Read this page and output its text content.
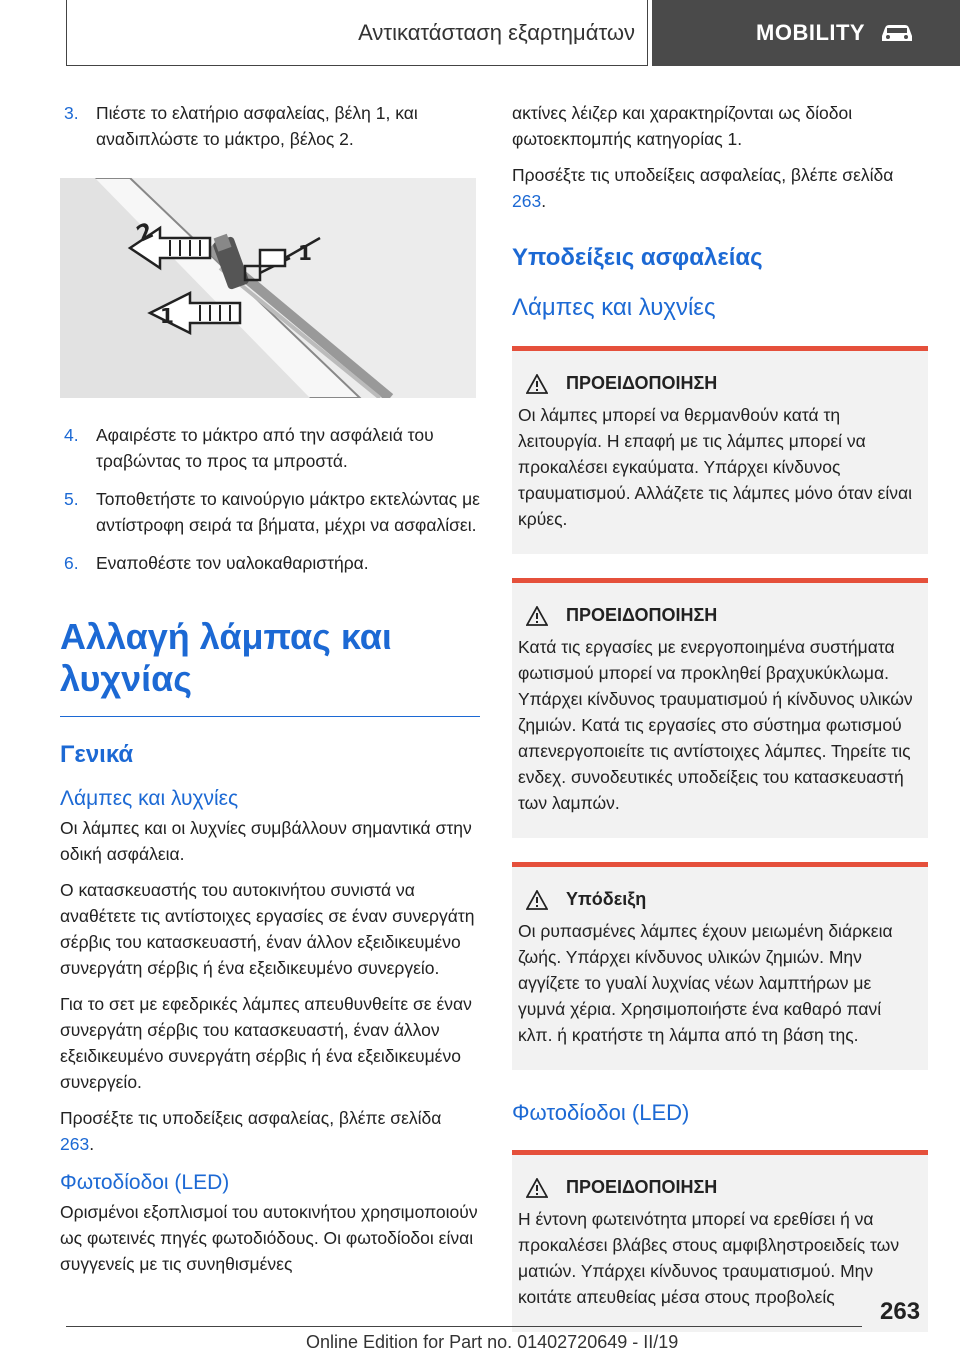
Αντικατάσταση εξαρτημάτων	MOBILITY
3. Πιέστε το ελατήριο ασφαλείας, βέλη 1, και αναδιπλώστε το μάκτρο, βέλος 2.
2
1
1
4. Αφαιρέστε το μάκτρο από την ασφάλειά του τραβώντας το προς τα μπροστά.
5. Τοποθετήστε το καινούργιο μάκτρο εκτελώντας με αντίστροφη σειρά τα βήματα, μέχρι να ασφαλίσει.
6. Εναποθέστε τον υαλοκαθαριστήρα.
Αλλαγή λάμπας και
λυχνίας
Γενικά
Λάμπες και λυχνίες

Οι λάμπες και οι λυχνίες συμβάλλουν σημαντικά στην οδική ασφάλεια.

Ο κατασκευαστής του αυτοκινήτου συνιστά να αναθέτετε τις αντίστοιχες εργασίες σε έναν συνεργάτη σέρβις του κατασκευαστή, έναν άλλον εξειδικευμένο συνεργάτη σέρβις ή ένα εξειδικευμένο συνεργείο.

Για το σετ με εφεδρικές λάμπες απευθυνθείτε σε έναν συνεργάτη σέρβις του κατασκευαστή, έναν άλλον εξειδικευμένο συνεργάτη σέρβις ή ένα εξειδικευμένο συνεργείο.

Προσέξτε τις υποδείξεις ασφαλείας, βλέπε σελίδα 263.

Φωτοδίοδοι (LED)

Ορισμένοι εξοπλισμοί του αυτοκινήτου χρησιμοποιούν ως φωτεινές πηγές φωτοδιόδους. Οι φωτοδίοδοι είναι συγγενείς με τις συνηθισμένες

ακτίνες λέιζερ και χαρακτηρίζονται ως δίοδοι φωτοεκπομπής κατηγορίας 1.

Προσέξτε τις υποδείξεις ασφαλείας, βλέπε σελίδα 263.

Υποδείξεις ασφαλείας
Λάμπες και λυχνίες
ΠΡΟΕΙΔΟΠΟΙΗΣΗ

Οι λάμπες μπορεί να θερμανθούν κατά τη λειτουργία. Η επαφή με τις λάμπες μπορεί να προκαλέσει εγκαύματα. Υπάρχει κίνδυνος τραυματισμού. Αλλάζετε τις λάμπες μόνο όταν είναι κρύες.

ΠΡΟΕΙΔΟΠΟΙΗΣΗ

Κατά τις εργασίες με ενεργοποιημένα συστήματα φωτισμού μπορεί να προκληθεί βραχυκύκλωμα. Υπάρχει κίνδυνος τραυματισμού ή κίνδυνος υλικών ζημιών. Κατά τις εργασίες στο σύστημα φωτισμού απενεργοποιείτε τις αντίστοιχες λάμπες. Τηρείτε τις ενδεχ. συνοδευτικές υποδείξεις του κατασκευαστή των λαμπών.

Υπόδειξη

Οι ρυπασμένες λάμπες έχουν μειωμένη διάρκεια ζωής. Υπάρχει κίνδυνος υλικών ζημιών. Μην αγγίζετε το γυαλί λυχνίας νέων λαμπτήρων με γυμνά χέρια. Χρησιμοποιήστε ένα καθαρό πανί κλπ. ή κρατήστε τη λάμπα από τη βάση της.

Φωτοδίοδοι (LED)
ΠΡΟΕΙΔΟΠΟΙΗΣΗ

Η έντονη φωτεινότητα μπορεί να ερεθίσει ή να προκαλέσει βλάβες στους αμφιβληστροειδείς των ματιών. Υπάρχει κίνδυνος τραυματισμού. Μην κοιτάτε απευθείας μέσα στους προβολείς

263
Online Edition for Part no. 01402720649 - II/19
